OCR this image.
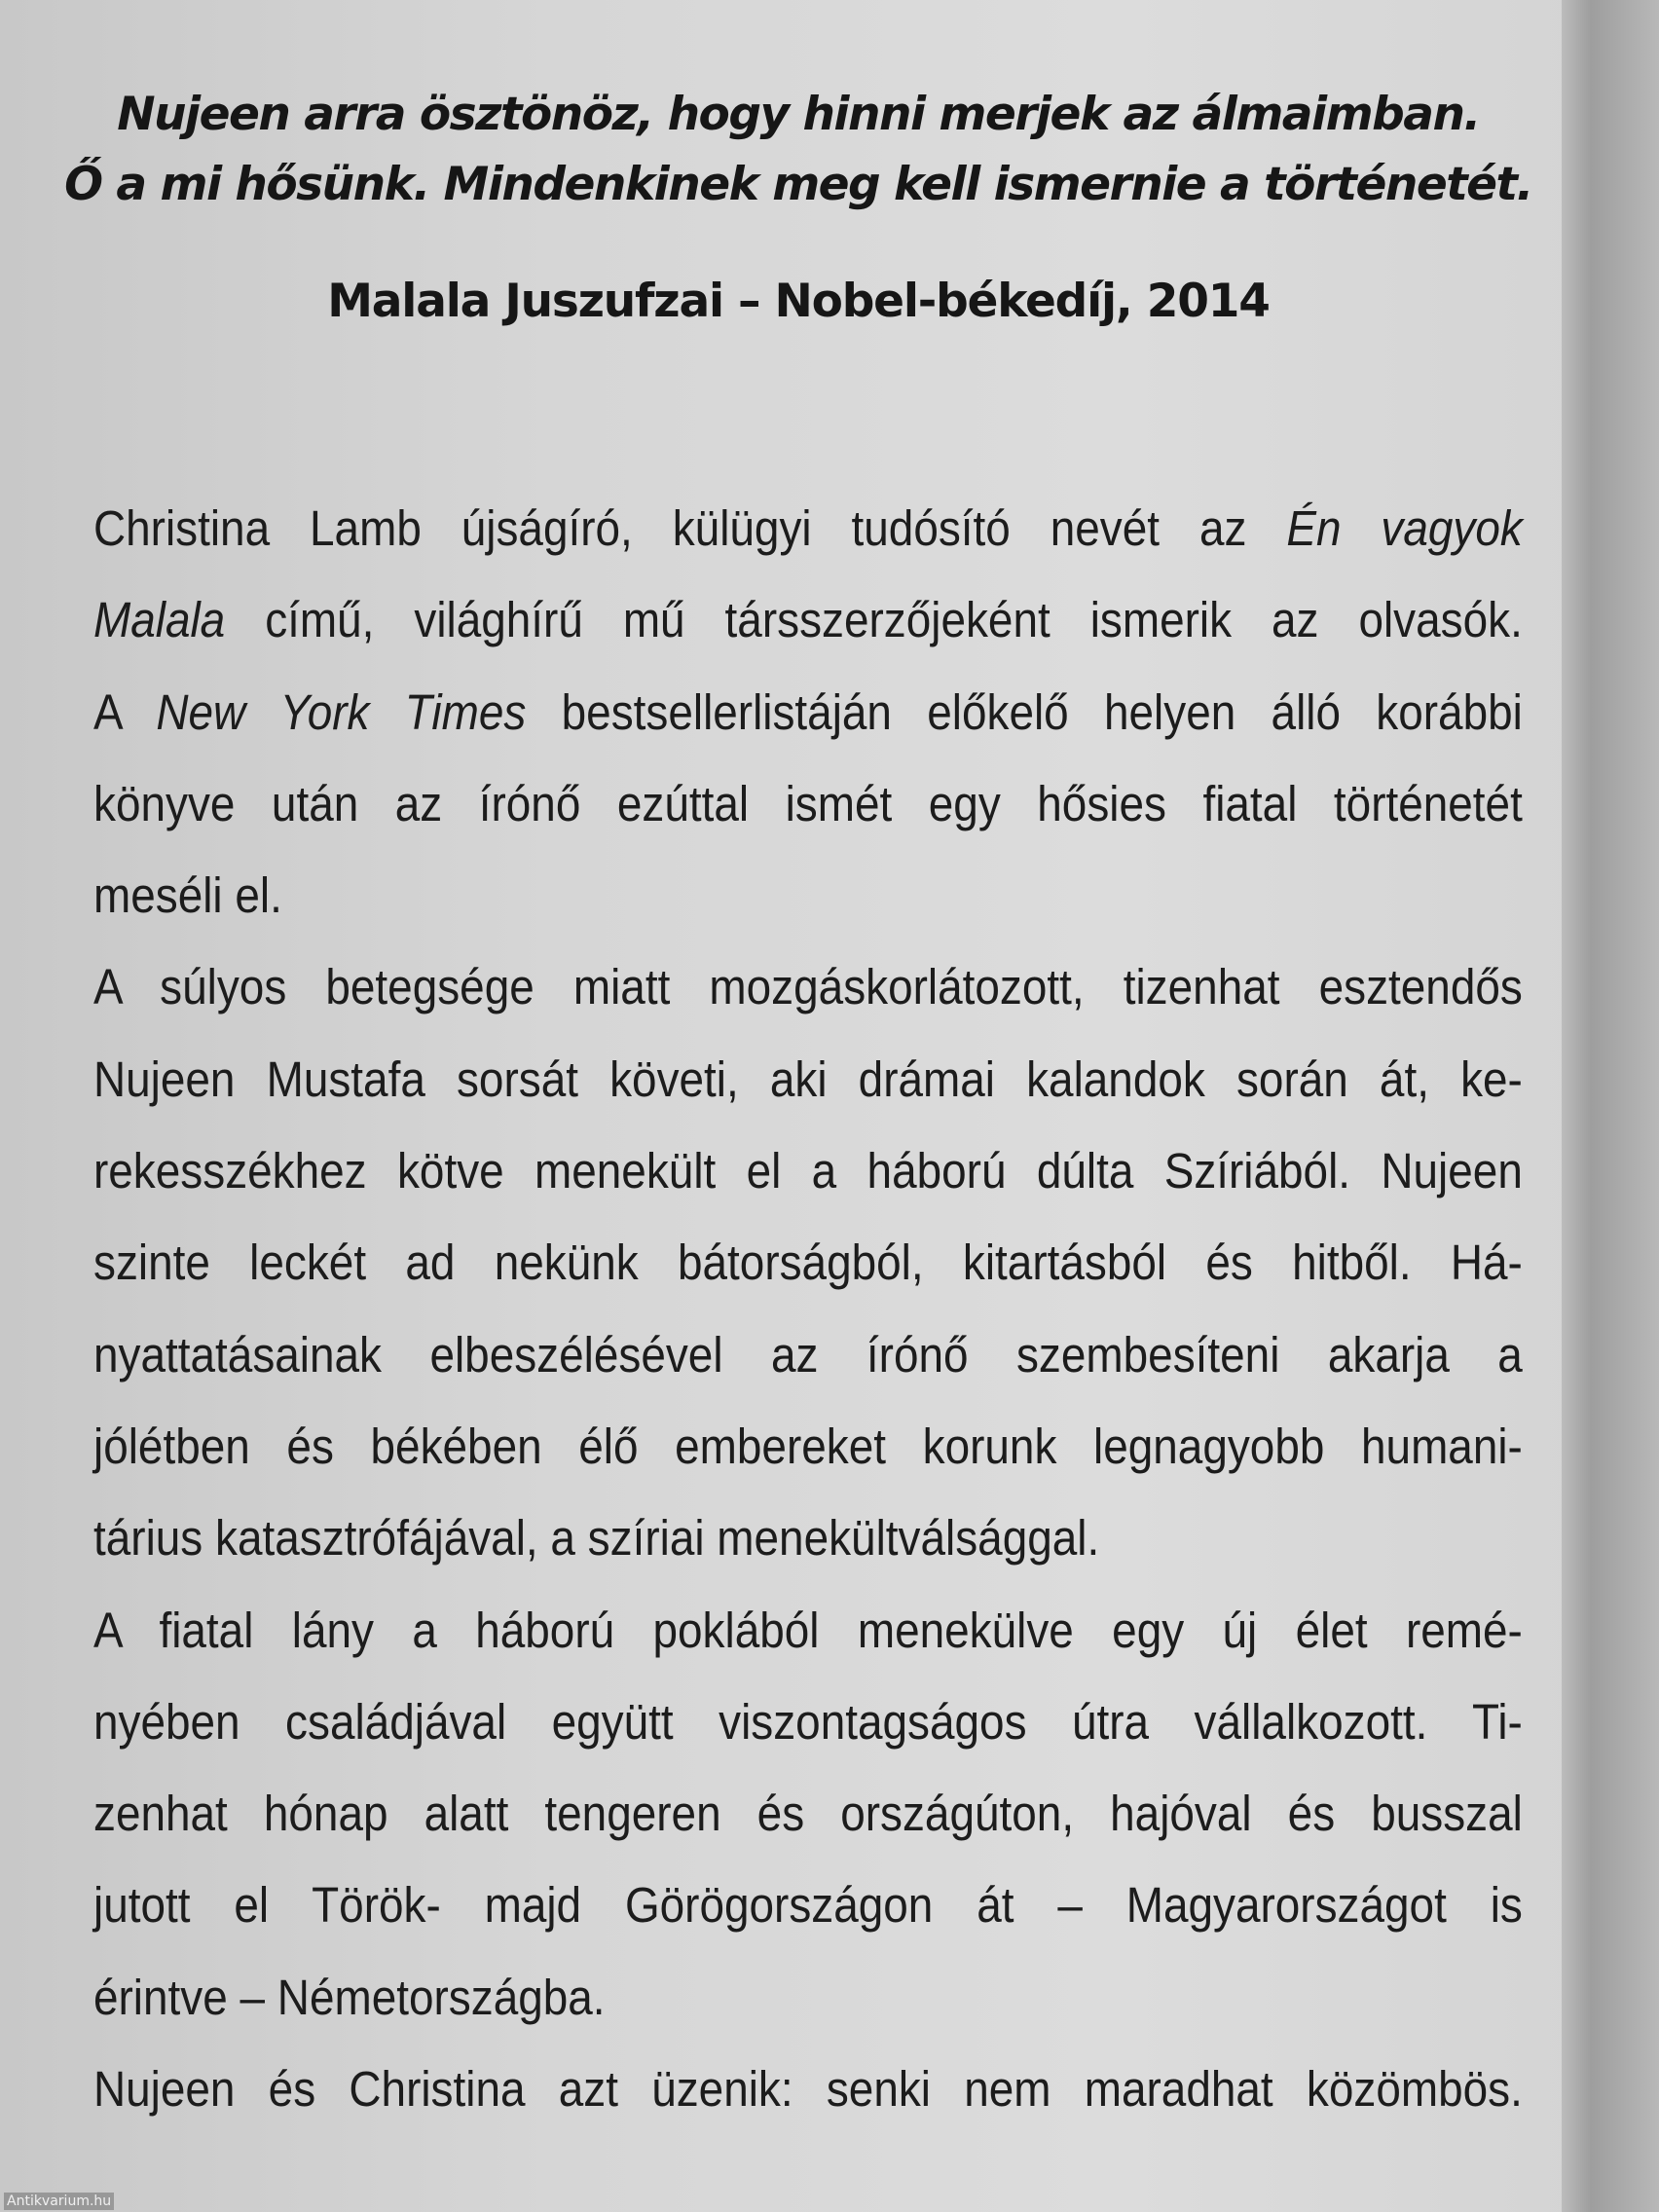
Nujeen arra ösztönöz, hogy hinni merjek az álmaimban.
Ő a mi hősünk. Mindenkinek meg kell ismernie a történetét.

Malala Juszufzai – Nobel-békedíj, 2014

Christina Lamb újságíró, külügyi tudósító nevét az Én vagyok
Malala című, világhírű mű társszerzőjeként ismerik az olvasók.
A New York Times bestsellerlistáján előkelő helyen álló korábbi
könyve után az írónő ezúttal ismét egy hősies fiatal történetét
meséli el.
A súlyos betegsége miatt mozgáskorlátozott, tizenhat esztendős
Nujeen Mustafa sorsát követi, aki drámai kalandok során át, ke-
rekesszékhez kötve menekült el a háború dúlta Szíriából. Nujeen
szinte leckét ad nekünk bátorságból, kitartásból és hitből. Há-
nyattatásainak elbeszélésével az írónő szembesíteni akarja a
jólétben és békében élő embereket korunk legnagyobb humani-
tárius katasztrófájával, a szíriai menekültválsággal.
A fiatal lány a háború poklából menekülve egy új élet remé-
nyében családjával együtt viszontagságos útra vállalkozott. Ti-
zenhat hónap alatt tengeren és országúton, hajóval és busszal
jutott el Török- majd Görögországon át – Magyarországot is
érintve – Németországba.
Nujeen és Christina azt üzenik: senki nem maradhat közömbös.
Antikvarium.hu
